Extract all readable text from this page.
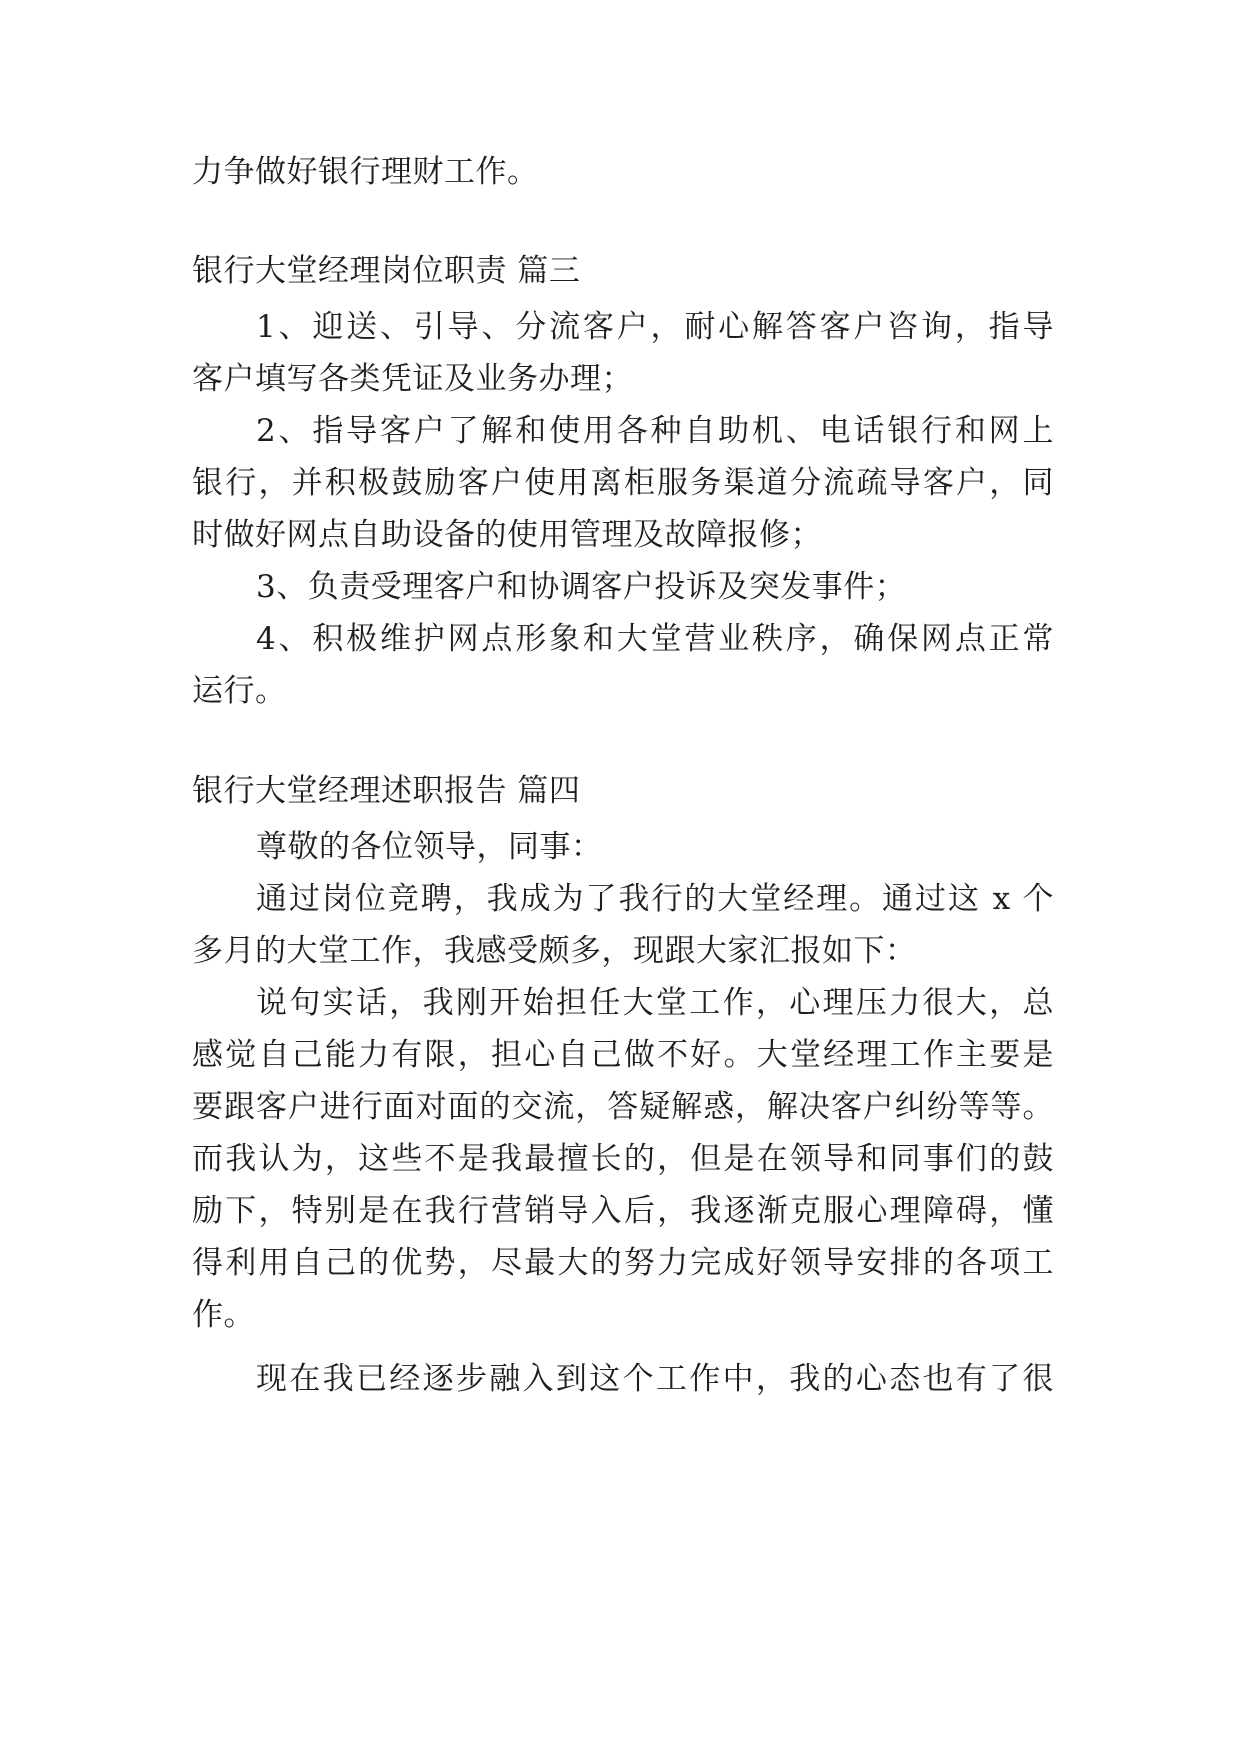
力争做好银行理财工作。
银行大堂经理岗位职责 篇三
1、迎送、引导、分流客户，耐心解答客户咨询，指导
客户填写各类凭证及业务办理；
2、指导客户了解和使用各种自助机、电话银行和网上
银行，并积极鼓励客户使用离柜服务渠道分流疏导客户，同
时做好网点自助设备的使用管理及故障报修；
3、负责受理客户和协调客户投诉及突发事件；
4、积极维护网点形象和大堂营业秩序，确保网点正常
运行。
银行大堂经理述职报告 篇四
尊敬的各位领导，同事：
通过岗位竞聘，我成为了我行的大堂经理。通过这 x 个
多月的大堂工作，我感受颇多，现跟大家汇报如下：
说句实话，我刚开始担任大堂工作，心理压力很大，总
感觉自己能力有限，担心自己做不好。大堂经理工作主要是
要跟客户进行面对面的交流，答疑解惑，解决客户纠纷等等。
而我认为，这些不是我最擅长的，但是在领导和同事们的鼓
励下，特别是在我行营销导入后，我逐渐克服心理障碍，懂
得利用自己的优势，尽最大的努力完成好领导安排的各项工
作。
现在我已经逐步融入到这个工作中，我的心态也有了很
